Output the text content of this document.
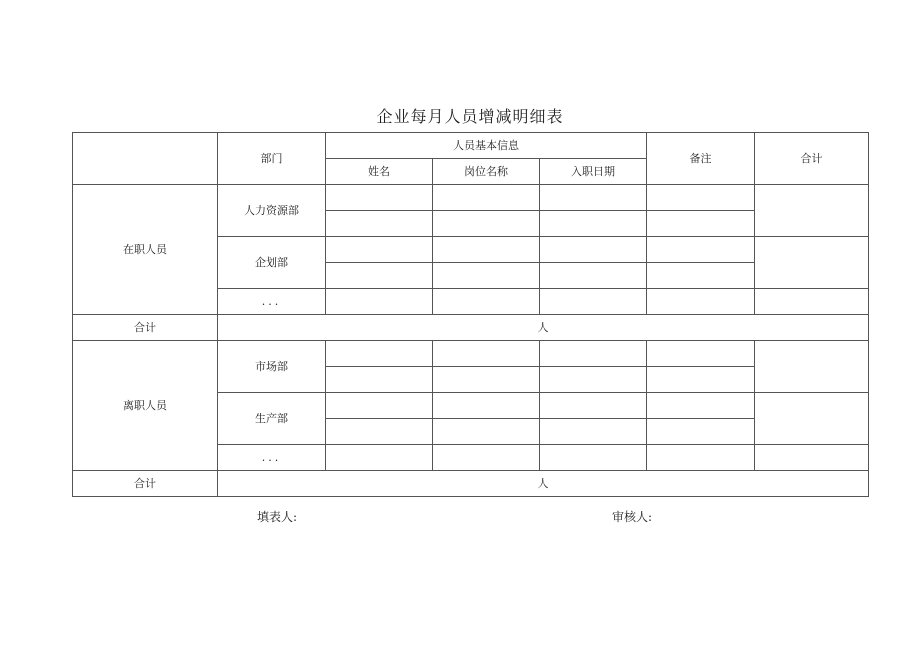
企业每月人员增减明细表
	部门	人员基本信息			备注	合计
		姓名	岗位名称	入职日期		
在职人员	人力资源部					

	企划部					

	...					
合计	人					
离职人员	市场部					

	生产部					

	...					
合计	人					
填表人:	审核人:
